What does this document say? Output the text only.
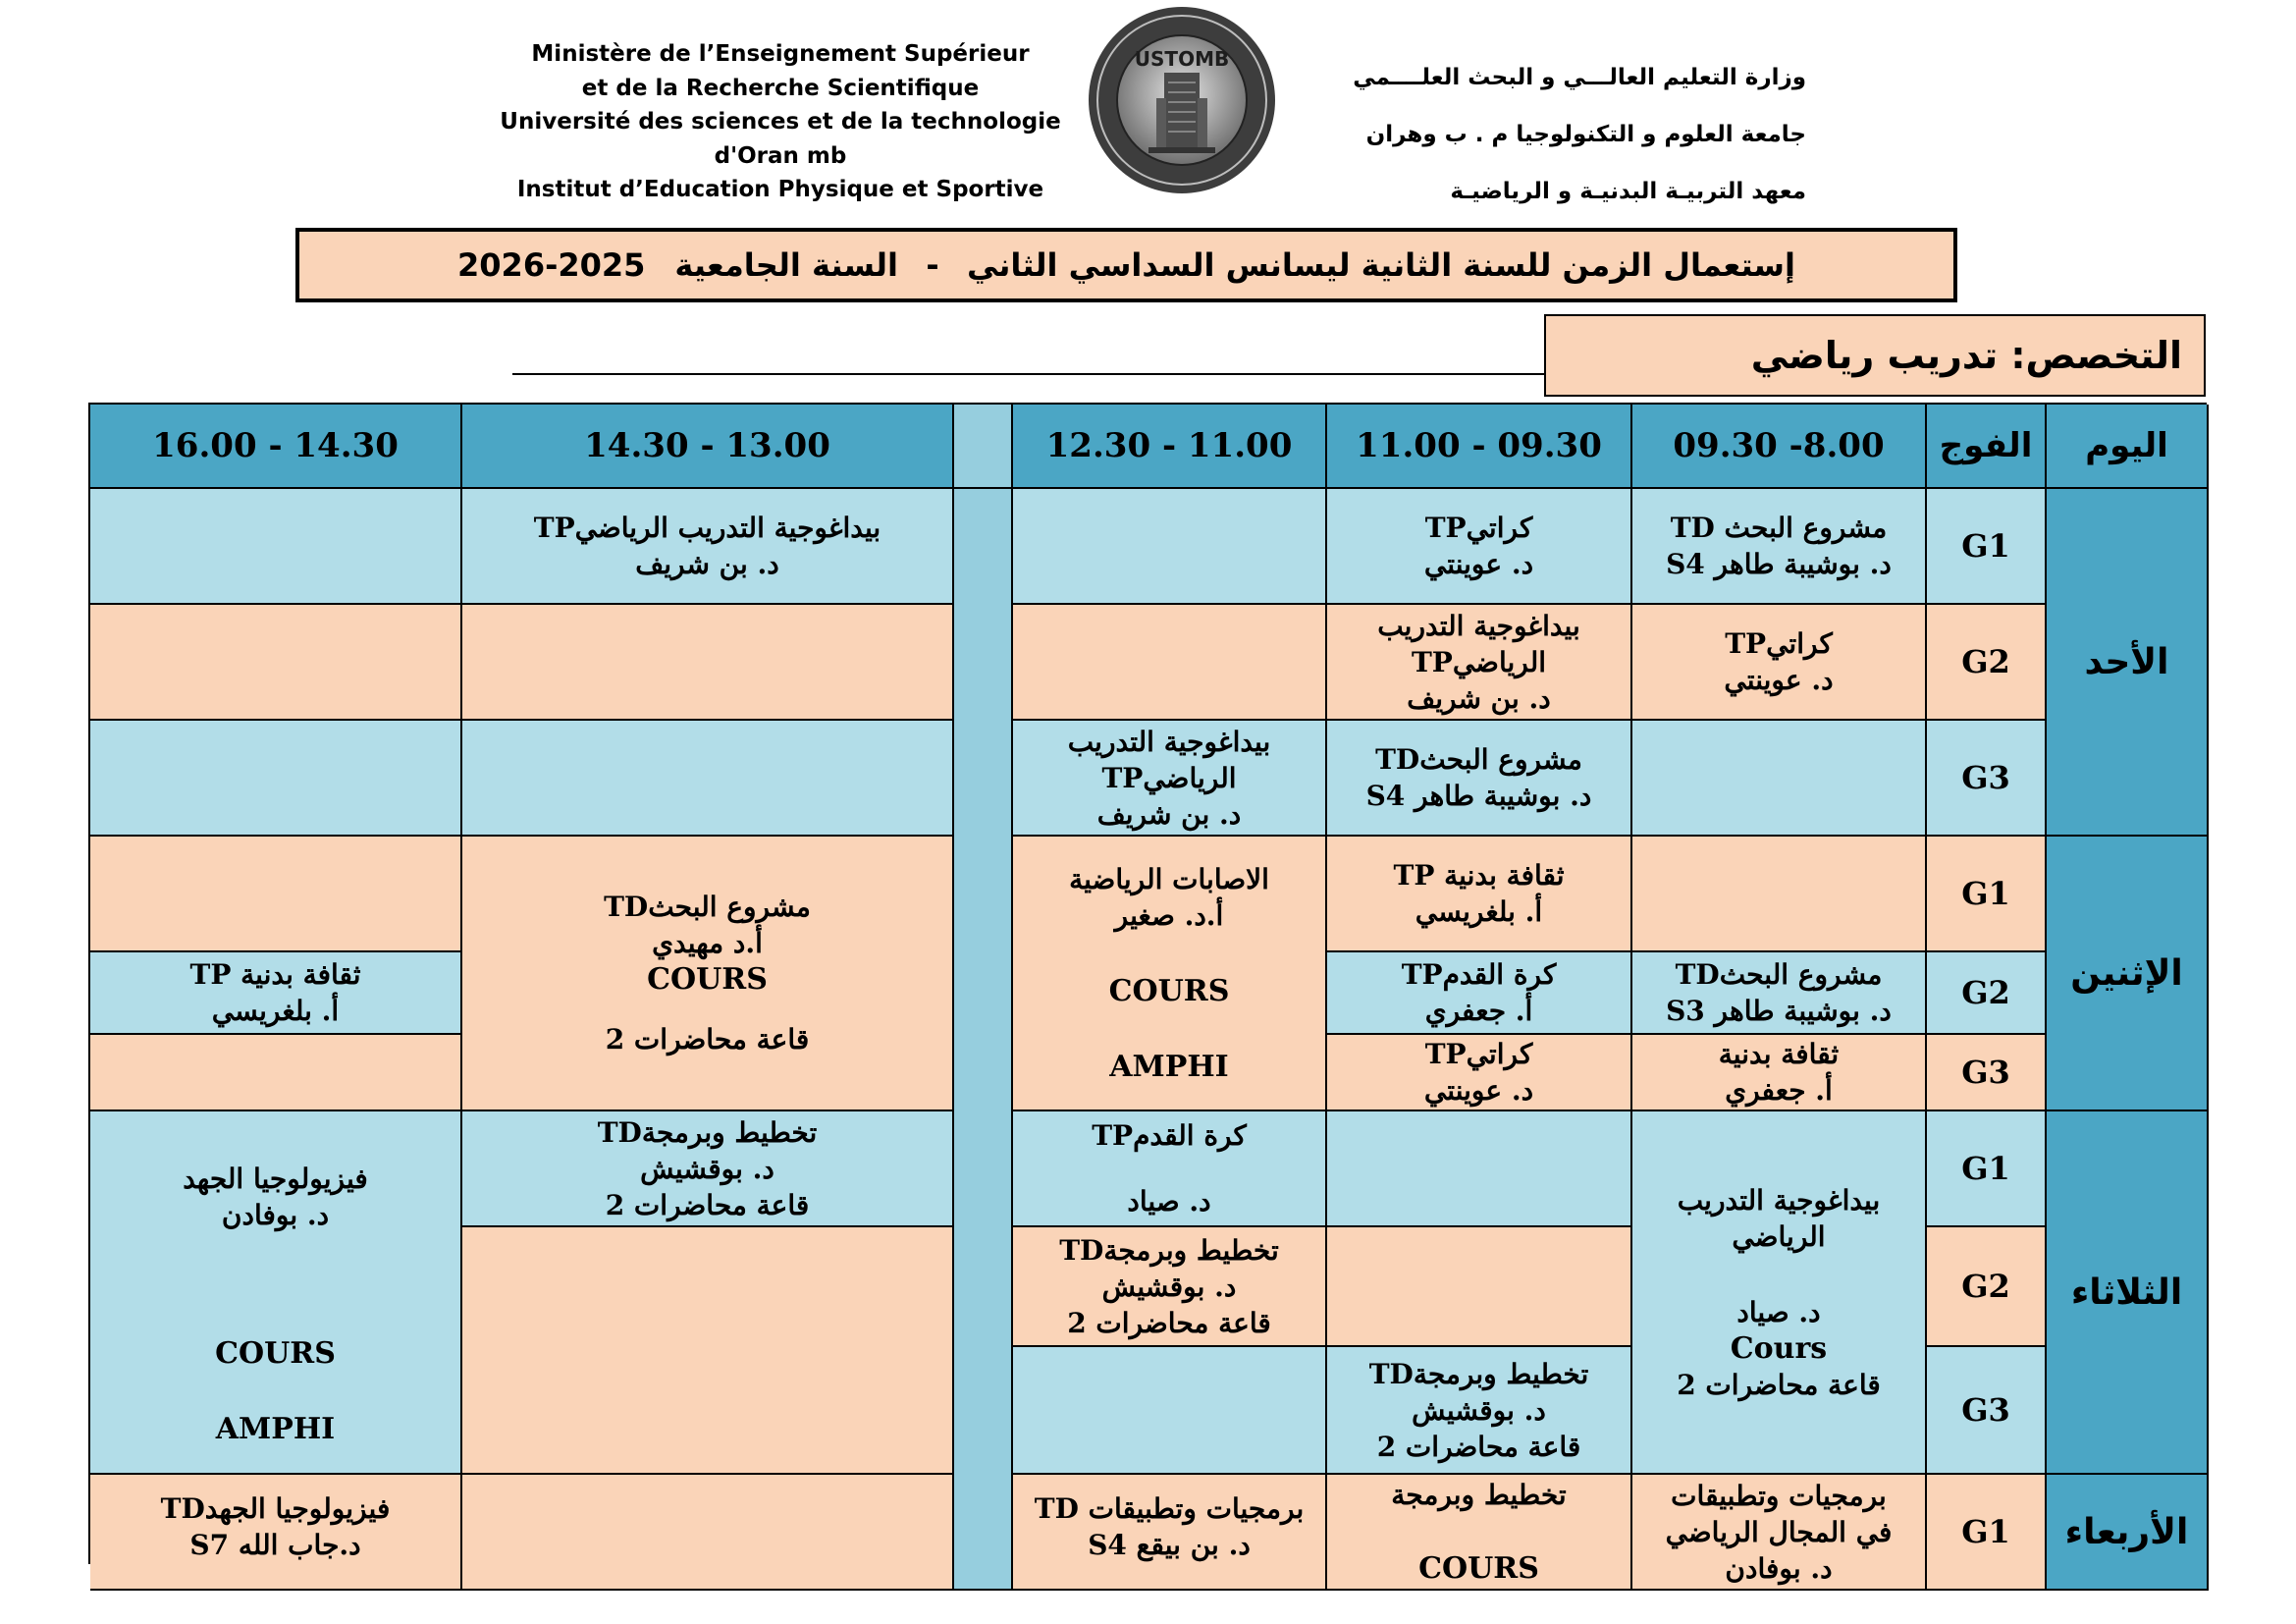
Ministère de l’Enseignement Supérieur
et de la Recherche Scientifique
Université des sciences et de la technologie
d'Oran mb
Institut d’Education Physique et Sportive
USTOMB
وزارة التعليم العالـــي و البحث العلــــمي
جامعة العلوم و التكنولوجيا م . ب وهران
معهد التربيـة البدنيـة و الرياضيـة
إستعمال الزمن للسنة الثانية ليسانس السداسي الثاني
-
السنة الجامعية
2026-2025
التخصص: تدريب رياضي
16.00 - 14.30	14.30 - 13.00	12.30 - 11.00 11.00 - 09.30 09.30 -8.00 الفوج اليوم
الأحد
الإثنين
الثلاثاء
الأربعاء
G1
G2
G3
G1
G2
G3
G1
G2
G3
G1
بيداغوجية التدريب الرياضيTP
د. بن شريف
كراتيTP
د. عوينتي
مشروع البحث TD
د. بوشيبة طاهر S4
بيداغوجية التدريب
الرياضيTP
د. بن شريف
كراتيTP
د. عوينتي
بيداغوجية التدريب
الرياضيTP
د. بن شريف
مشروع البحثTD
د. بوشيبة طاهر S4
ثقافة بدنية TP
أ. بلغريسي
مشروع البحثTD
أ.د مهيدي
COURS
قاعة محاضرات 2
الاصابات الرياضية
أ.د. صغير
COURS
AMPHI
ثقافة بدنية TP
أ. بلغريسي
كرة القدمTP
أ. جعفري
مشروع البحثTD
د. بوشيبة طاهر S3
كراتيTP
د. عوينتي
ثقافة بدنية
أ. جعفري
فيزيولوجيا الجهد
د. بوفادن
COURS
AMPHI
تخطيط وبرمجةTD
د. بوقشيش
قاعة محاضرات 2
كرة القدمTP
د. صياد
تخطيط وبرمجةTD
د. بوقشيش
قاعة محاضرات 2
تخطيط وبرمجةTD
د. بوقشيش
قاعة محاضرات 2
بيداغوجية التدريب
الرياضي
د. صياد
Cours
قاعة محاضرات 2
فيزيولوجيا الجهدTD
د.جاب الله S7
برمجيات وتطبيقات TD
د. بن بيقع S4
تخطيط وبرمجة
COURS
برمجيات وتطبيقات
في المجال الرياضي
د. بوفادن
